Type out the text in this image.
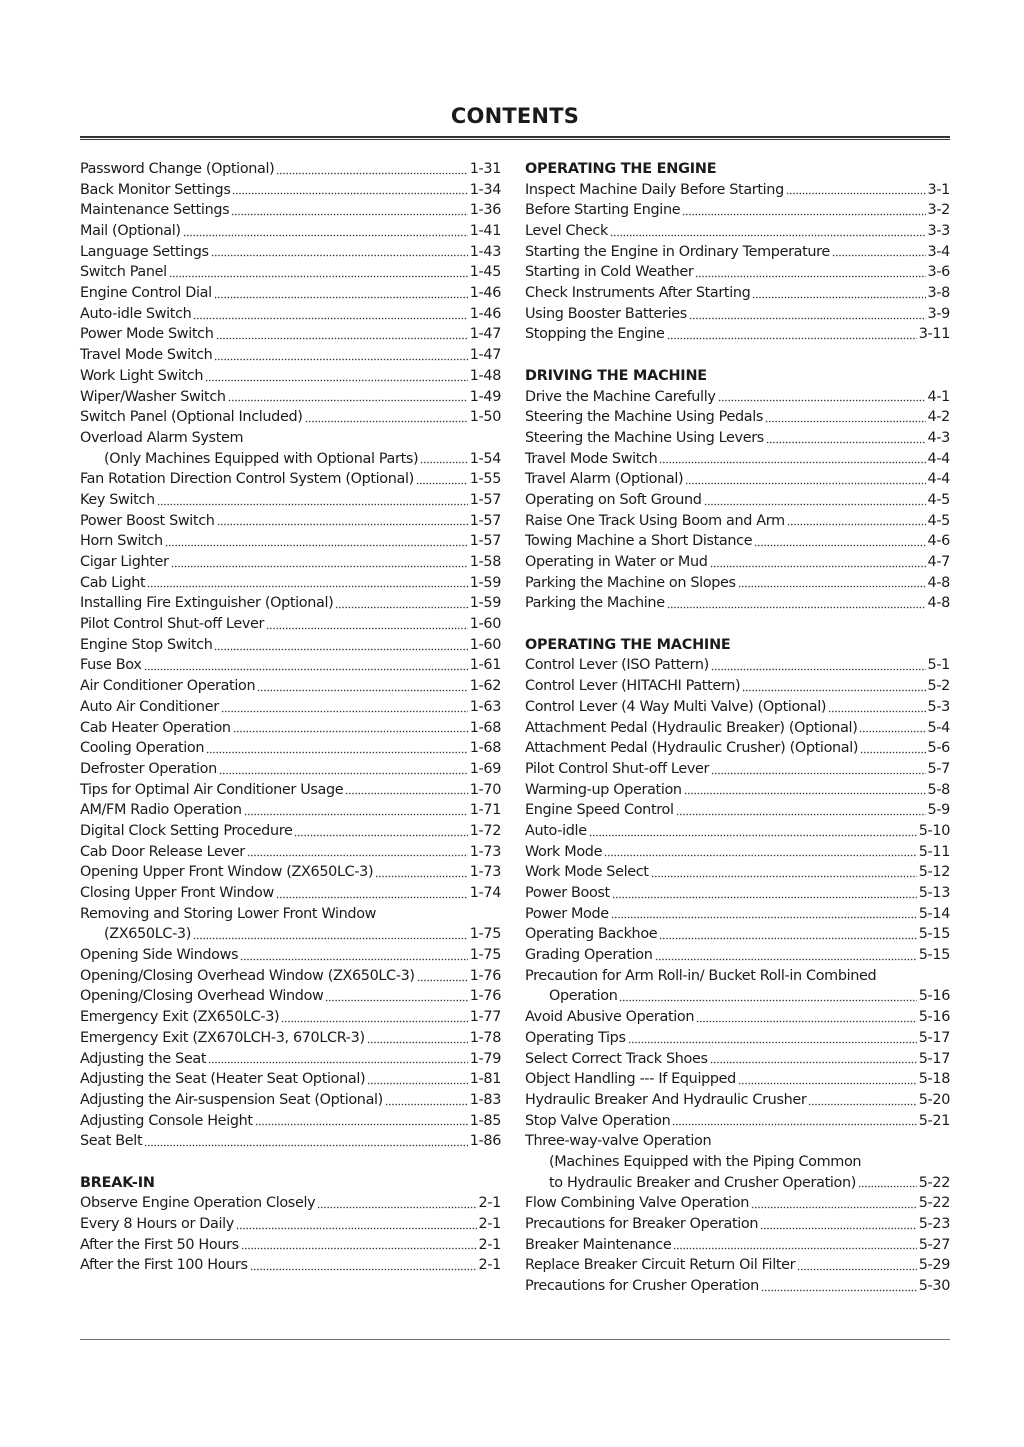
CONTENTS
Password Change (Optional)	1-31
Back Monitor Settings	1-34
Maintenance Settings	1-36
Mail (Optional)	1-41
Language Settings	1-43
Switch Panel	1-45
Engine Control Dial	1-46
Auto-idle Switch	1-46
Power Mode Switch	1-47
Travel Mode Switch	1-47
Work Light Switch	1-48
Wiper/Washer Switch	1-49
Switch Panel (Optional Included)	1-50
Overload Alarm System
(Only Machines Equipped with Optional Parts)	1-54
Fan Rotation Direction Control System (Optional)	1-55
Key Switch	1-57
Power Boost Switch	1-57
Horn Switch	1-57
Cigar Lighter	1-58
Cab Light	1-59
Installing Fire Extinguisher (Optional)	1-59
Pilot Control Shut-off Lever	1-60
Engine Stop Switch	1-60
Fuse Box	1-61
Air Conditioner Operation	1-62
Auto Air Conditioner	1-63
Cab Heater Operation	1-68
Cooling Operation	1-68
Defroster Operation	1-69
Tips for Optimal Air Conditioner Usage	1-70
AM/FM Radio Operation	1-71
Digital Clock Setting Procedure	1-72
Cab Door Release Lever	1-73
Opening Upper Front Window (ZX650LC-3)	1-73
Closing Upper Front Window	1-74
Removing and Storing Lower Front Window
(ZX650LC-3)	1-75
Opening Side Windows	1-75
Opening/Closing Overhead Window (ZX650LC-3)	1-76
Opening/Closing Overhead Window	1-76
Emergency Exit (ZX650LC-3)	1-77
Emergency Exit (ZX670LCH-3, 670LCR-3)	1-78
Adjusting the Seat	1-79
Adjusting the Seat (Heater Seat Optional)	1-81
Adjusting the Air-suspension Seat (Optional)	1-83
Adjusting Console Height	1-85
Seat Belt	1-86
BREAK-IN
Observe Engine Operation Closely	2-1
Every 8 Hours or Daily	2-1
After the First 50 Hours	2-1
After the First 100 Hours	2-1
OPERATING THE ENGINE
Inspect Machine Daily Before Starting	3-1
Before Starting Engine	3-2
Level Check	3-3
Starting the Engine in Ordinary Temperature	3-4
Starting in Cold Weather	3-6
Check Instruments After Starting	3-8
Using Booster Batteries	3-9
Stopping the Engine	3-11
DRIVING THE MACHINE
Drive the Machine Carefully	4-1
Steering the Machine Using Pedals	4-2
Steering the Machine Using Levers	4-3
Travel Mode Switch	4-4
Travel Alarm (Optional)	4-4
Operating on Soft Ground	4-5
Raise One Track Using Boom and Arm	4-5
Towing Machine a Short Distance	4-6
Operating in Water or Mud	4-7
Parking the Machine on Slopes	4-8
Parking the Machine	4-8
OPERATING THE MACHINE
Control Lever (ISO Pattern)	5-1
Control Lever (HITACHI Pattern)	5-2
Control Lever (4 Way Multi Valve) (Optional)	5-3
Attachment Pedal (Hydraulic Breaker) (Optional)	5-4
Attachment Pedal (Hydraulic Crusher) (Optional)	5-6
Pilot Control Shut-off Lever	5-7
Warming-up Operation	5-8
Engine Speed Control	5-9
Auto-idle	5-10
Work Mode	5-11
Work Mode Select	5-12
Power Boost	5-13
Power Mode	5-14
Operating Backhoe	5-15
Grading Operation	5-15
Precaution for Arm Roll-in/ Bucket Roll-in Combined
Operation	5-16
Avoid Abusive Operation	5-16
Operating Tips	5-17
Select Correct Track Shoes	5-17
Object Handling --- If Equipped	5-18
Hydraulic Breaker And Hydraulic Crusher	5-20
Stop Valve Operation	5-21
Three-way-valve Operation
(Machines Equipped with the Piping Common
to Hydraulic Breaker and Crusher Operation)	5-22
Flow Combining Valve Operation	5-22
Precautions for Breaker Operation	5-23
Breaker Maintenance	5-27
Replace Breaker Circuit Return Oil Filter	5-29
Precautions for Crusher Operation	5-30
